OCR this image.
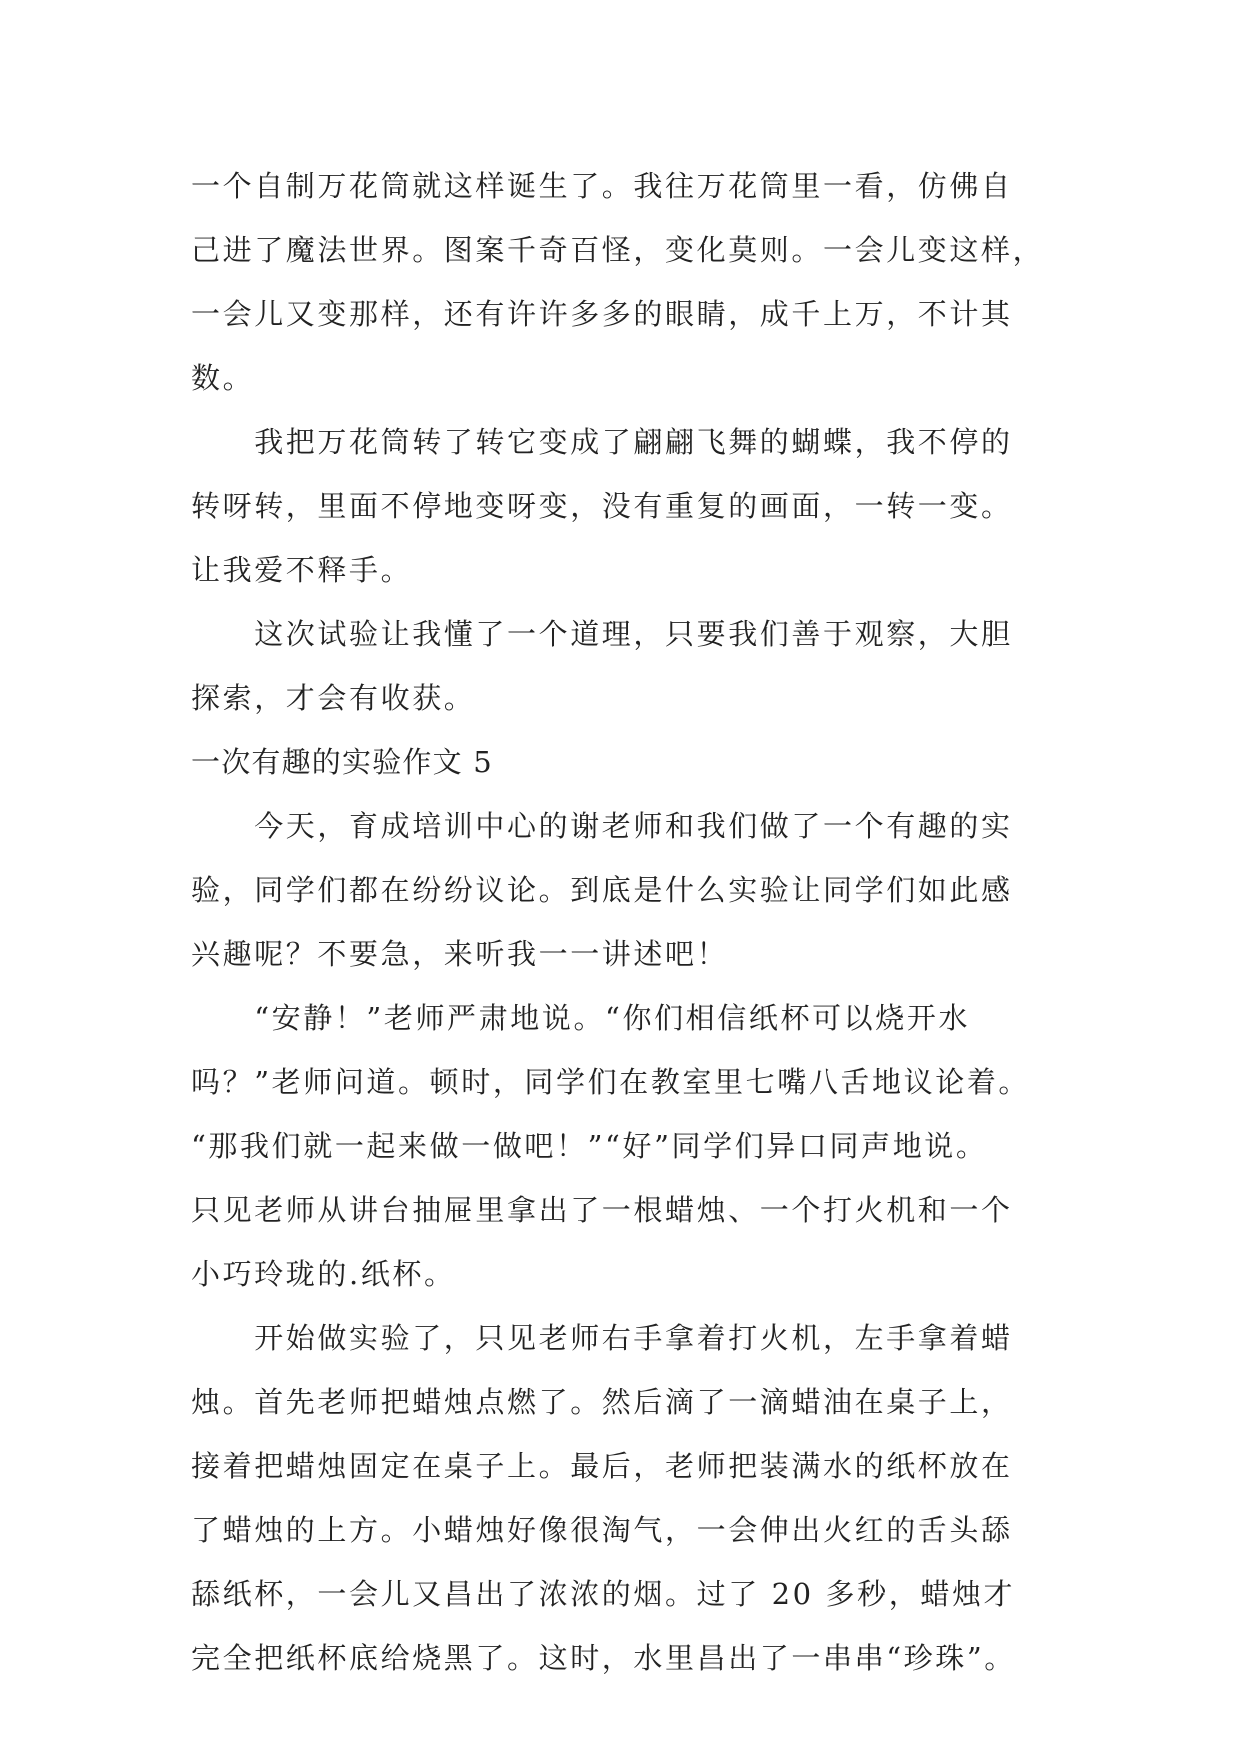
一个自制万花筒就这样诞生了。我往万花筒里一看，仿佛自
己进了魔法世界。图案千奇百怪，变化莫则。一会儿变这样，
一会儿又变那样，还有许许多多的眼睛，成千上万，不计其
数。
　　我把万花筒转了转它变成了翩翩飞舞的蝴蝶，我不停的
转呀转，里面不停地变呀变，没有重复的画面，一转一变。
让我爱不释手。
　　这次试验让我懂了一个道理，只要我们善于观察，大胆
探索，才会有收获。
一次有趣的实验作文 5
　　今天，育成培训中心的谢老师和我们做了一个有趣的实
验，同学们都在纷纷议论。到底是什么实验让同学们如此感
兴趣呢？不要急，来听我一一讲述吧！
　　“安静！”老师严肃地说。“你们相信纸杯可以烧开水
吗？”老师问道。顿时，同学们在教室里七嘴八舌地议论着。
“那我们就一起来做一做吧！”“好”同学们异口同声地说。
只见老师从讲台抽屉里拿出了一根蜡烛、一个打火机和一个
小巧玲珑的.纸杯。
　　开始做实验了，只见老师右手拿着打火机，左手拿着蜡
烛。首先老师把蜡烛点燃了。然后滴了一滴蜡油在桌子上，
接着把蜡烛固定在桌子上。最后，老师把装满水的纸杯放在
了蜡烛的上方。小蜡烛好像很淘气，一会伸出火红的舌头舔
舔纸杯，一会儿又昌出了浓浓的烟。过了 20 多秒，蜡烛才
完全把纸杯底给烧黑了。这时，水里昌出了一串串“珍珠”。
